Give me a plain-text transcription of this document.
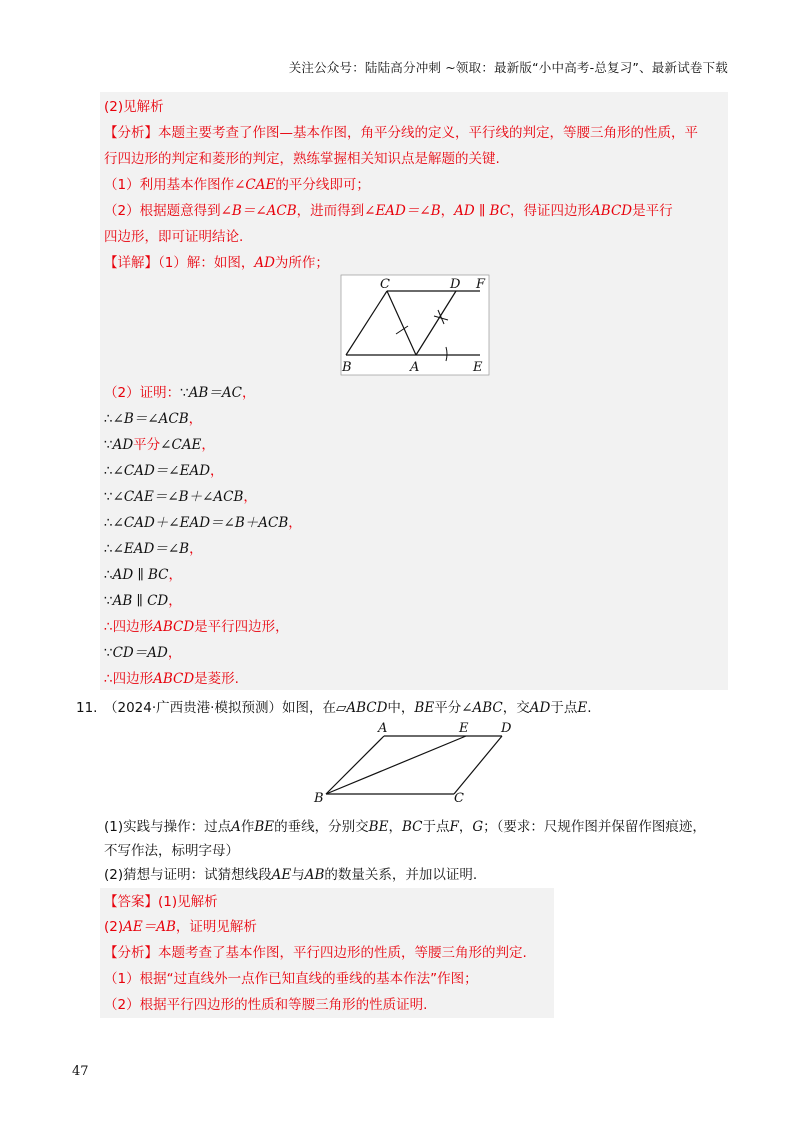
关注公众号：陆陆高分冲刺 ~领取：最新版“小中高考-总复习”、最新试卷下载
(2)见解析
【分析】本题主要考查了作图—基本作图，角平分线的定义，平行线的判定，等腰三角形的性质，平
行四边形的判定和菱形的判定，熟练掌握相关知识点是解题的关键.
（1）利用基本作图作∠CAE的平分线即可；
（2）根据题意得到∠B＝∠ACB，进而得到∠EAD＝∠B，AD ∥ BC，得证四边形ABCD是平行
四边形，即可证明结论.
【详解】（1）解：如图，AD为所作；
C	D F
B	A	E
（2）证明：∵AB＝AC，
∴∠B＝∠ACB，
∵AD平分∠CAE，
∴∠CAD＝∠EAD，
∵∠CAE＝∠B＋∠ACB，
∴∠CAD＋∠EAD＝∠B＋ACB，
∴∠EAD＝∠B，
∴AD ∥ BC，
∵AB ∥ CD，
∴四边形ABCD是平行四边形，
∵CD＝AD，
∴四边形ABCD是菱形.
11. （2024·广西贵港·模拟预测）如图，在▱ABCD中，BE平分∠ABC，交AD于点E.
A	E	D
B	C
(1)实践与操作：过点A作BE的垂线，分别交BE，BC于点F，G；（要求：尺规作图并保留作图痕迹，
不写作法，标明字母）
(2)猜想与证明：试猜想线段AE与AB的数量关系，并加以证明.
【答案】(1)见解析
(2)AE＝AB，证明见解析
【分析】本题考查了基本作图，平行四边形的性质，等腰三角形的判定.
（1）根据“过直线外一点作已知直线的垂线的基本作法”作图；
（2）根据平行四边形的性质和等腰三角形的性质证明.
47
